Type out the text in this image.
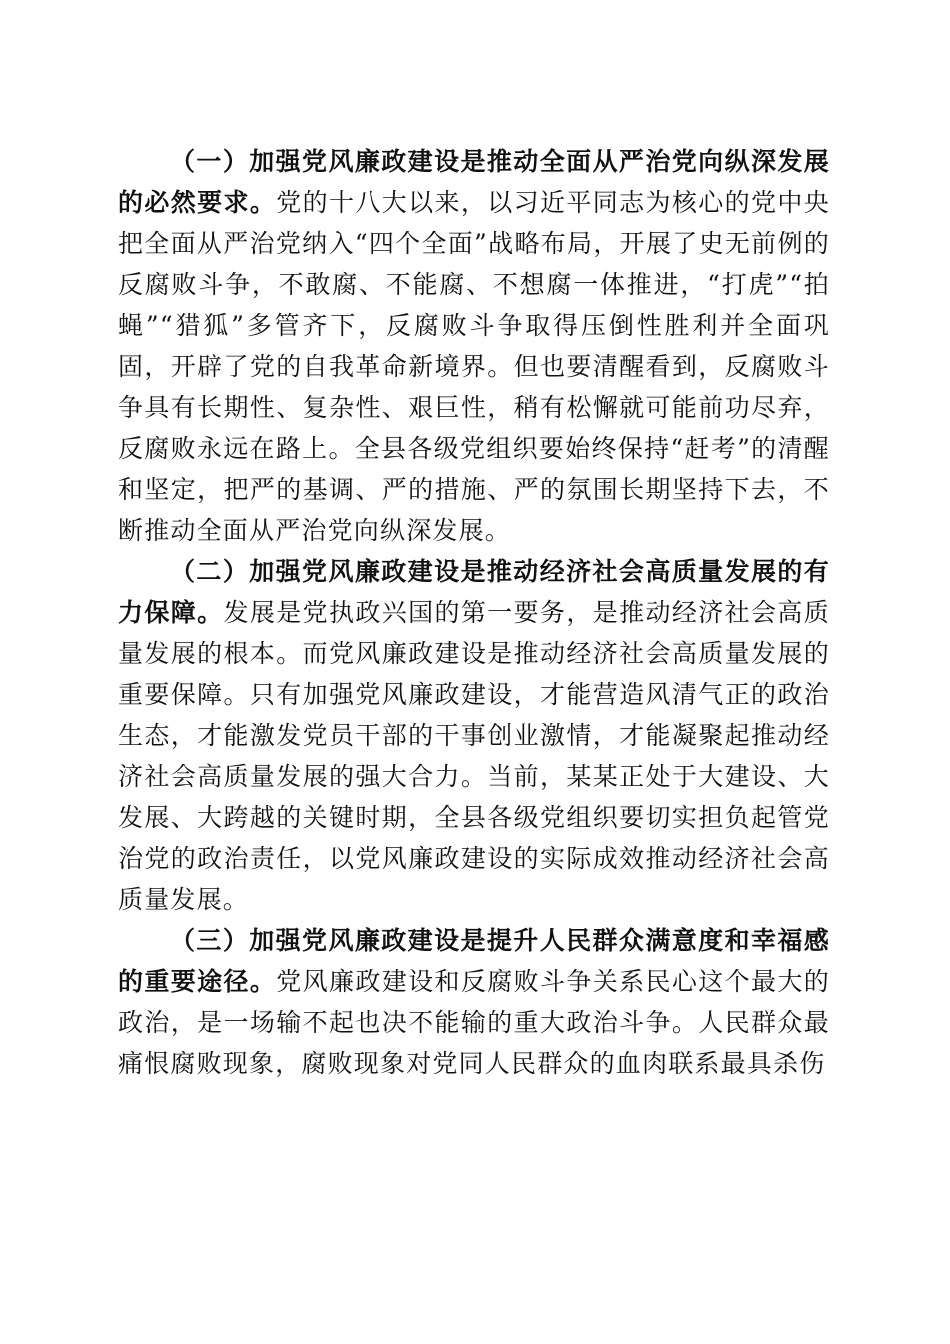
（一）加强党风廉政建设是推动全面从严治党向纵深发展的必然要求。党的十八大以来，以习近平同志为核心的党中央把全面从严治党纳入“四个全面”战略布局，开展了史无前例的反腐败斗争，不敢腐、不能腐、不想腐一体推进，“打虎”“拍蝇”“猎狐”多管齐下，反腐败斗争取得压倒性胜利并全面巩固，开辟了党的自我革命新境界。但也要清醒看到，反腐败斗争具有长期性、复杂性、艰巨性，稍有松懈就可能前功尽弃，反腐败永远在路上。全县各级党组织要始终保持“赶考”的清醒和坚定，把严的基调、严的措施、严的氛围长期坚持下去，不断推动全面从严治党向纵深发展。

（二）加强党风廉政建设是推动经济社会高质量发展的有力保障。发展是党执政兴国的第一要务，是推动经济社会高质量发展的根本。而党风廉政建设是推动经济社会高质量发展的重要保障。只有加强党风廉政建设，才能营造风清气正的政治生态，才能激发党员干部的干事创业激情，才能凝聚起推动经济社会高质量发展的强大合力。当前，某某正处于大建设、大发展、大跨越的关键时期，全县各级党组织要切实担负起管党治党的政治责任，以党风廉政建设的实际成效推动经济社会高质量发展。

（三）加强党风廉政建设是提升人民群众满意度和幸福感的重要途径。党风廉政建设和反腐败斗争关系民心这个最大的政治，是一场输不起也决不能输的重大政治斗争。人民群众最痛恨腐败现象，腐败现象对党同人民群众的血肉联系最具杀伤
